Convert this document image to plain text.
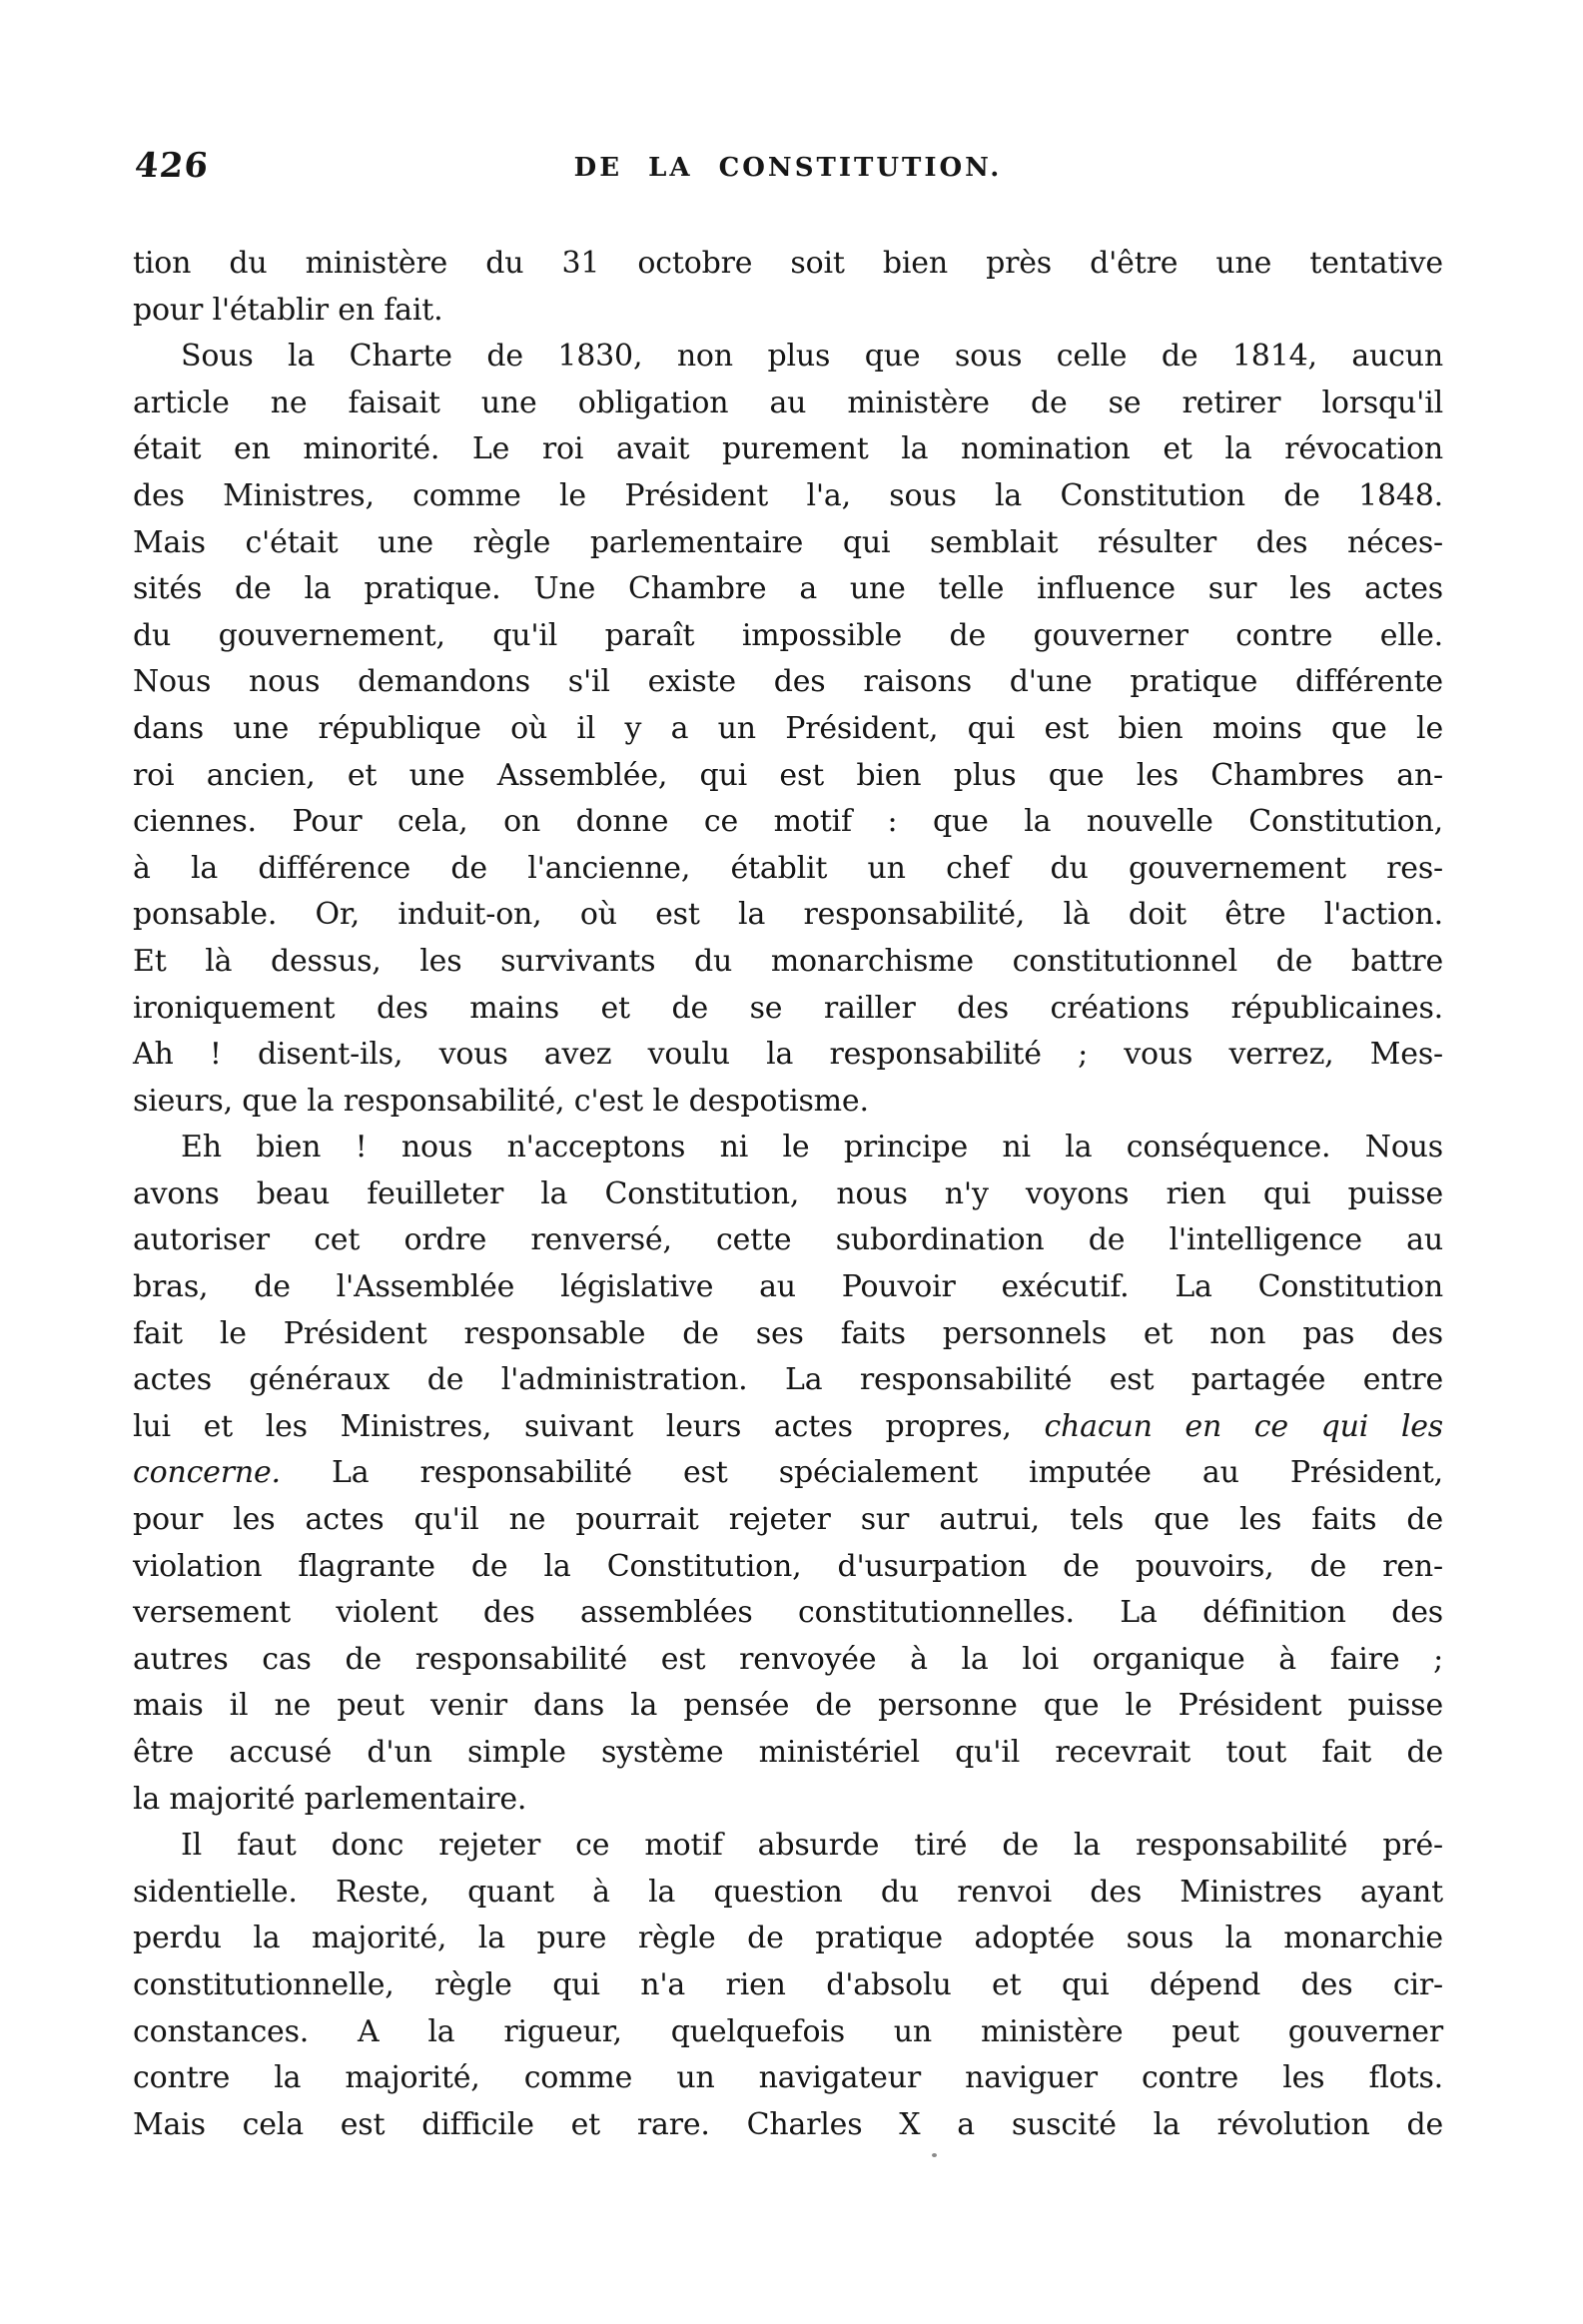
426	DE LA CONSTITUTION.
tion du ministère du 31 octobre soit bien près d'être une tentative
pour l'établir en fait.
Sous la Charte de 1830, non plus que sous celle de 1814, aucun
article ne faisait une obligation au ministère de se retirer lorsqu'il
était en minorité. Le roi avait purement la nomination et la révocation
des Ministres, comme le Président l'a, sous la Constitution de 1848.
Mais c'était une règle parlementaire qui semblait résulter des néces-
sités de la pratique. Une Chambre a une telle influence sur les actes
du gouvernement, qu'il paraît impossible de gouverner contre elle.
Nous nous demandons s'il existe des raisons d'une pratique différente
dans une république où il y a un Président, qui est bien moins que le
roi ancien, et une Assemblée, qui est bien plus que les Chambres an-
ciennes. Pour cela, on donne ce motif : que la nouvelle Constitution,
à la différence de l'ancienne, établit un chef du gouvernement res-
ponsable. Or, induit-on, où est la responsabilité, là doit être l'action.
Et là dessus, les survivants du monarchisme constitutionnel de battre
ironiquement des mains et de se railler des créations républicaines.
Ah ! disent-ils, vous avez voulu la responsabilité ; vous verrez, Mes-
sieurs, que la responsabilité, c'est le despotisme.
Eh bien ! nous n'acceptons ni le principe ni la conséquence. Nous
avons beau feuilleter la Constitution, nous n'y voyons rien qui puisse
autoriser cet ordre renversé, cette subordination de l'intelligence au
bras, de l'Assemblée législative au Pouvoir exécutif. La Constitution
fait le Président responsable de ses faits personnels et non pas des
actes généraux de l'administration. La responsabilité est partagée entre
lui et les Ministres, suivant leurs actes propres, chacun en ce qui les
concerne. La responsabilité est spécialement imputée au Président,
pour les actes qu'il ne pourrait rejeter sur autrui, tels que les faits de
violation flagrante de la Constitution, d'usurpation de pouvoirs, de ren-
versement violent des assemblées constitutionnelles. La définition des
autres cas de responsabilité est renvoyée à la loi organique à faire ;
mais il ne peut venir dans la pensée de personne que le Président puisse
être accusé d'un simple système ministériel qu'il recevrait tout fait de
la majorité parlementaire.
Il faut donc rejeter ce motif absurde tiré de la responsabilité pré-
sidentielle. Reste, quant à la question du renvoi des Ministres ayant
perdu la majorité, la pure règle de pratique adoptée sous la monarchie
constitutionnelle, règle qui n'a rien d'absolu et qui dépend des cir-
constances. A la rigueur, quelquefois un ministère peut gouverner
contre la majorité, comme un navigateur naviguer contre les flots.
Mais cela est difficile et rare. Charles X a suscité la révolution de
